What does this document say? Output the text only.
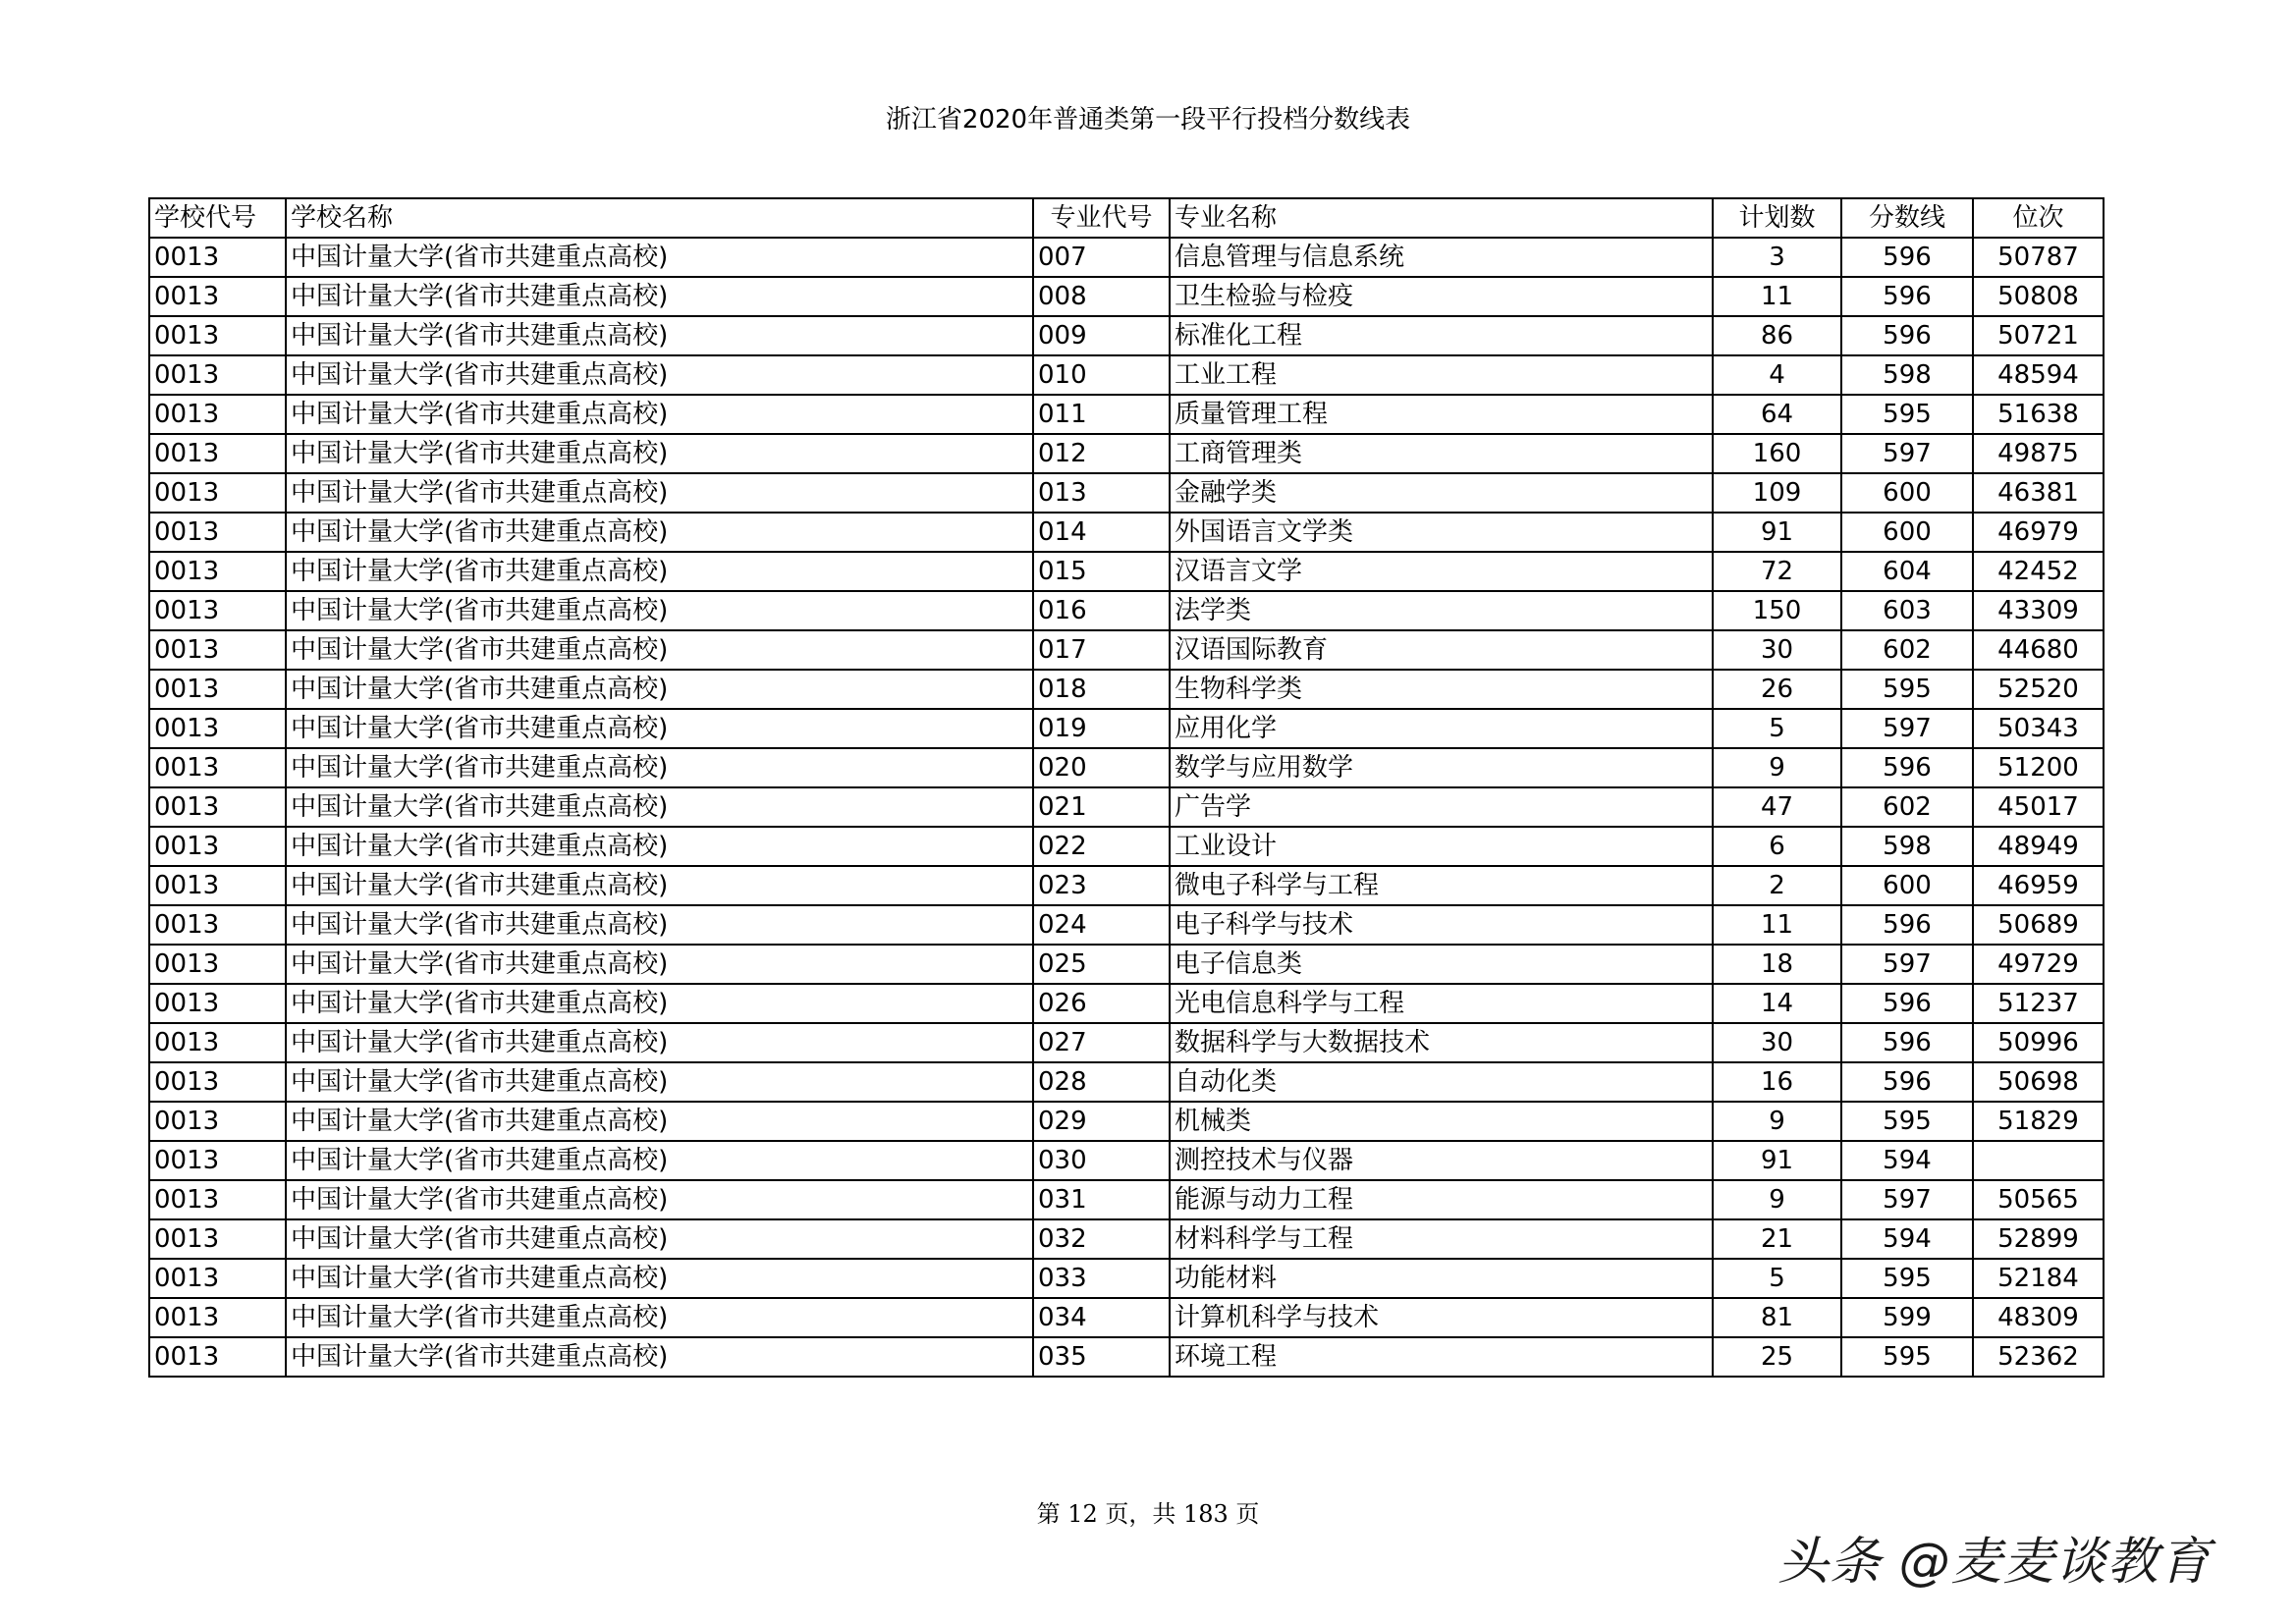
浙江省2020年普通类第一段平行投档分数线表
学校代号	学校名称	专业代号	专业名称	计划数	分数线	位次
0013	中国计量大学(省市共建重点高校)	007	信息管理与信息系统	3	596	50787
0013	中国计量大学(省市共建重点高校)	008	卫生检验与检疫	11	596	50808
0013	中国计量大学(省市共建重点高校)	009	标准化工程	86	596	50721
0013	中国计量大学(省市共建重点高校)	010	工业工程	4	598	48594
0013	中国计量大学(省市共建重点高校)	011	质量管理工程	64	595	51638
0013	中国计量大学(省市共建重点高校)	012	工商管理类	160	597	49875
0013	中国计量大学(省市共建重点高校)	013	金融学类	109	600	46381
0013	中国计量大学(省市共建重点高校)	014	外国语言文学类	91	600	46979
0013	中国计量大学(省市共建重点高校)	015	汉语言文学	72	604	42452
0013	中国计量大学(省市共建重点高校)	016	法学类	150	603	43309
0013	中国计量大学(省市共建重点高校)	017	汉语国际教育	30	602	44680
0013	中国计量大学(省市共建重点高校)	018	生物科学类	26	595	52520
0013	中国计量大学(省市共建重点高校)	019	应用化学	5	597	50343
0013	中国计量大学(省市共建重点高校)	020	数学与应用数学	9	596	51200
0013	中国计量大学(省市共建重点高校)	021	广告学	47	602	45017
0013	中国计量大学(省市共建重点高校)	022	工业设计	6	598	48949
0013	中国计量大学(省市共建重点高校)	023	微电子科学与工程	2	600	46959
0013	中国计量大学(省市共建重点高校)	024	电子科学与技术	11	596	50689
0013	中国计量大学(省市共建重点高校)	025	电子信息类	18	597	49729
0013	中国计量大学(省市共建重点高校)	026	光电信息科学与工程	14	596	51237
0013	中国计量大学(省市共建重点高校)	027	数据科学与大数据技术	30	596	50996
0013	中国计量大学(省市共建重点高校)	028	自动化类	16	596	50698
0013	中国计量大学(省市共建重点高校)	029	机械类	9	595	51829
0013	中国计量大学(省市共建重点高校)	030	测控技术与仪器	91	594	
0013	中国计量大学(省市共建重点高校)	031	能源与动力工程	9	597	50565
0013	中国计量大学(省市共建重点高校)	032	材料科学与工程	21	594	52899
0013	中国计量大学(省市共建重点高校)	033	功能材料	5	595	52184
0013	中国计量大学(省市共建重点高校)	034	计算机科学与技术	81	599	48309
0013	中国计量大学(省市共建重点高校)	035	环境工程	25	595	52362
第 12 页，共 183 页
头条 @麦麦谈教育
